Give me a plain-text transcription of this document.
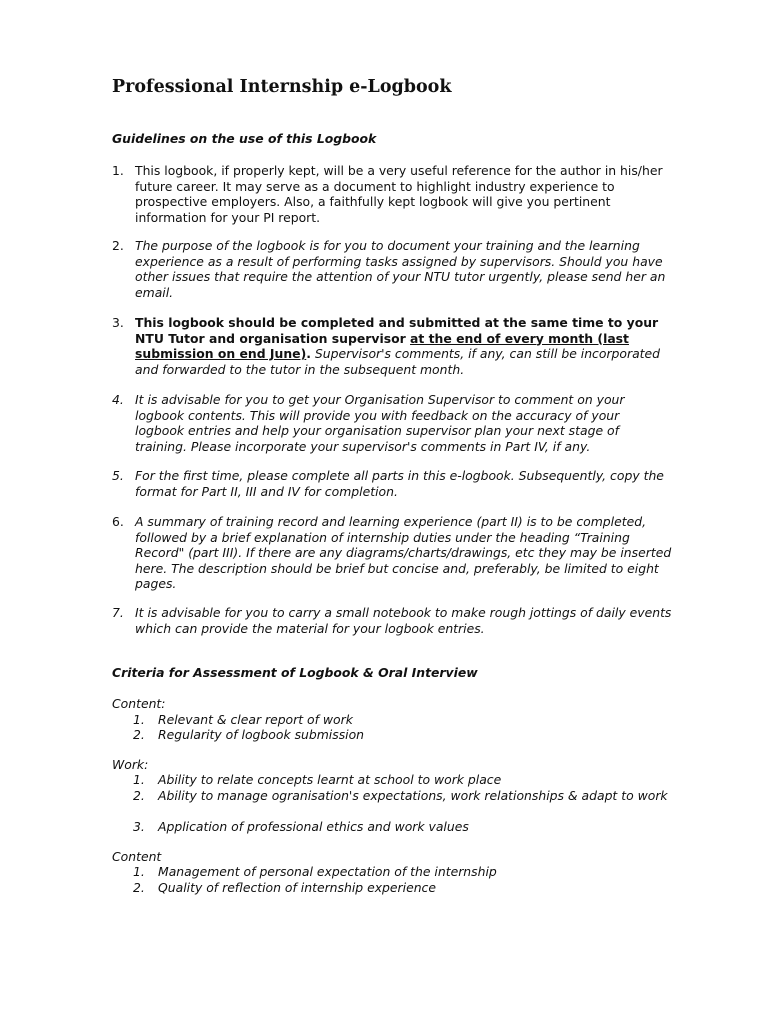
Professional Internship e-Logbook

Guidelines on the use of this Logbook

1. This logbook, if properly kept, will be a very useful reference for the author in his/her future career. It may serve as a document to highlight industry experience to prospective employers. Also, a faithfully kept logbook will give you pertinent information for your PI report.
2. The purpose of the logbook is for you to document your training and the learning experience as a result of performing tasks assigned by supervisors. Should you have other issues that require the attention of your NTU tutor urgently, please send her an email.
3. This logbook should be completed and submitted at the same time to your NTU Tutor and organisation supervisor at the end of every month (last submission on end June). Supervisor's comments, if any, can still be incorporated and forwarded to the tutor in the subsequent month.
4. It is advisable for you to get your Organisation Supervisor to comment on your logbook contents. This will provide you with feedback on the accuracy of your logbook entries and help your organisation supervisor plan your next stage of training. Please incorporate your supervisor's comments in Part IV, if any.
5. For the first time, please complete all parts in this e-logbook. Subsequently, copy the format for Part II, III and IV for completion.
6. A summary of training record and learning experience (part II) is to be completed, followed by a brief explanation of internship duties under the heading “Training Record" (part III). If there are any diagrams/charts/drawings, etc they may be inserted here. The description should be brief but concise and, preferably, be limited to eight pages.
7. It is advisable for you to carry a small notebook to make rough jottings of daily events which can provide the material for your logbook entries.

Criteria for Assessment of Logbook & Oral Interview

Content:

1. Relevant & clear report of work
2. Regularity of logbook submission

Work:

1. Ability to relate concepts learnt at school to work place
2. Ability to manage ogranisation's expectations, work relationships & adapt to work
3. Application of professional ethics and work values

Content

1. Management of personal expectation of the internship
2. Quality of reflection of internship experience
